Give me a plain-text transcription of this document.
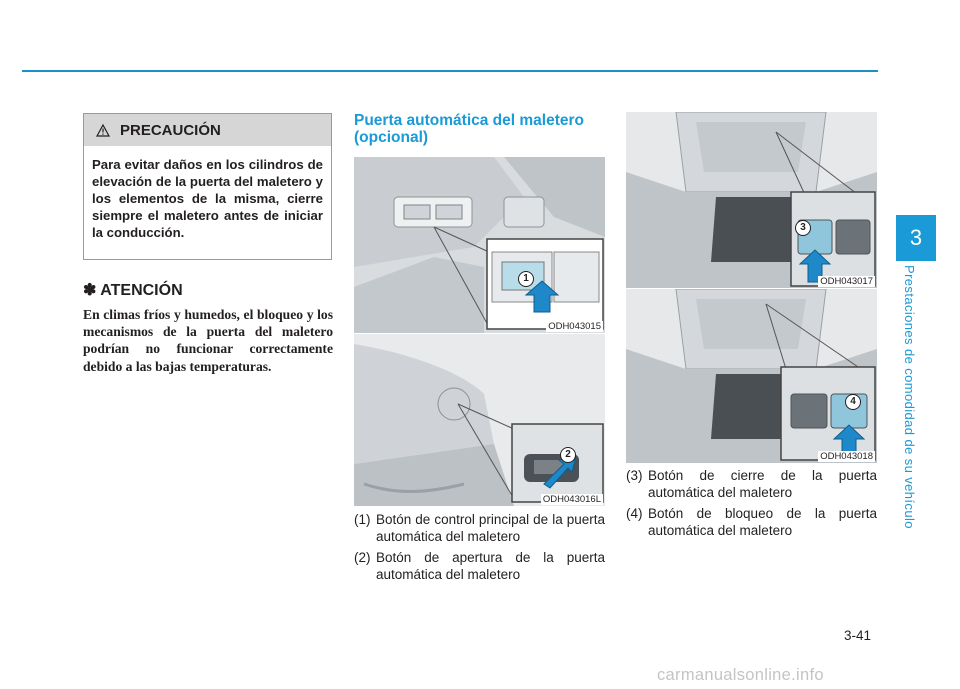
3
Prestaciones de comodidad de su vehículo
PRECAUCIÓN
Para evitar daños en los cilindros de elevación de la puerta del maletero y los elementos de la misma, cierre siempre el maletero antes de iniciar la conducción.
✽ ATENCIÓN
En climas fríos y humedos, el bloqueo y los mecanismos de la puerta del maletero podrían no funcionar correctamente debido a las bajas temperaturas.
Puerta automática del maletero (opcional)
1
ODH043015
2
ODH043016L
3
ODH043017
4
ODH043018
(1) Botón de control principal de la puerta automática del maletero
(2) Botón de apertura de la puerta automática del maletero
(3) Botón de cierre de la puerta automática del maletero
(4) Botón de bloqueo de la puerta automática del maletero
3-41
carmanualsonline.info
